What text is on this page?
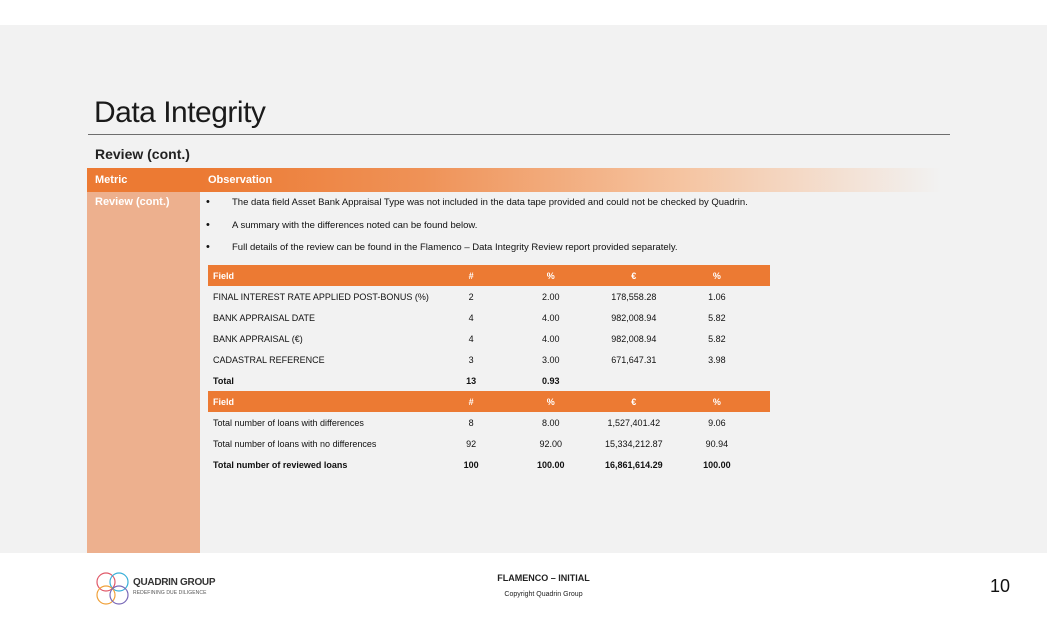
Data Integrity
Review (cont.)
Metric	Observation
Review (cont.)	• The data field Asset Bank Appraisal Type was not included in the data tape provided and could not be checked by Quadrin.
• A summary with the differences noted can be found below.
• Full details of the review can be found in the Flamenco – Data Integrity Review report provided separately.
Field	#	%	€	%
FINAL INTEREST RATE APPLIED POST-BONUS (%)	2	2.00	178,558.28	1.06
BANK APPRAISAL DATE	4	4.00	982,008.94	5.82
BANK APPRAISAL (€)	4	4.00	982,008.94	5.82
CADASTRAL REFERENCE	3	3.00	671,647.31	3.98
Total	13	0.93		
Field	#	%	€	%
Total number of loans with differences	8	8.00	1,527,401.42	9.06
Total number of loans with no differences	92	92.00	15,334,212.87	90.94
Total number of reviewed loans	100	100.00	16,861,614.29	100.00
QUADRIN GROUP
REDEFINING DUE DILIGENCE
FLAMENCO – INITIAL
Copyright Quadrin Group	10
